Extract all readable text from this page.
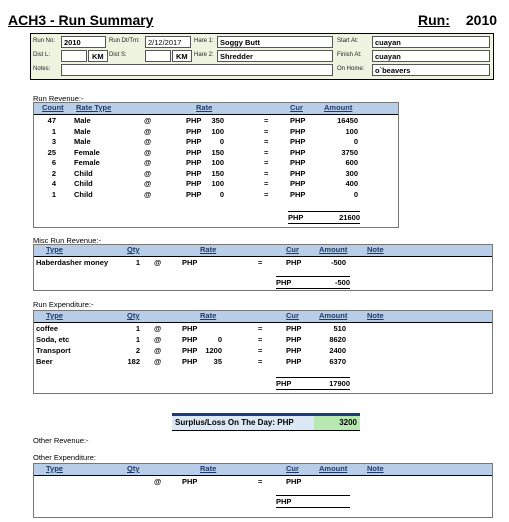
ACH3 - Run Summary	Run: 2010
Run No:	2010	Run Dt/Tm:	2/12/2017	Hare 1: Soggy Butt	Start At:	cuayan
Dist L:	KM Dist S:	KM	Hare 2: Shredder	Finish At:	cuayan
Notes:	On Home:	o`beavers
Run Revenue:-
Count Rate Type	Rate	Cur	Amount
47 Male	@	PHP	350	=	PHP	16450
1 Male	@	PHP	100	=	PHP	100
3 Male	@	PHP	0	=	PHP	0
25 Female	@	PHP	150	=	PHP	3750
6 Female	@	PHP	100	=	PHP	600
2 Child	@	PHP	150	=	PHP	300
4 Child	@	PHP	100	=	PHP	400
1 Child	@	PHP	0	=	PHP	0
PHP	21600
Misc Run Revenue:-
Type	Qty	Rate	Cur	Amount	Note
Haberdasher money	1 @	PHP	=	PHP	-500
PHP	-500
Run Expenditure:-
Type	Qty	Rate	Cur	Amount	Note
coffee	1 @	PHP	=	PHP	510
Soda, etc	1 @	PHP	0	=	PHP	8620
Transport	2 @	PHP	1200	=	PHP	2400
Beer	182 @	PHP	35	=	PHP	6370
PHP	17900
Surplus/Loss On The Day: PHP	3200
Other Revenue:-
Other Expenditure:
Type	Qty	Rate	Cur	Amount	Note
@	PHP	=	PHP
PHP
